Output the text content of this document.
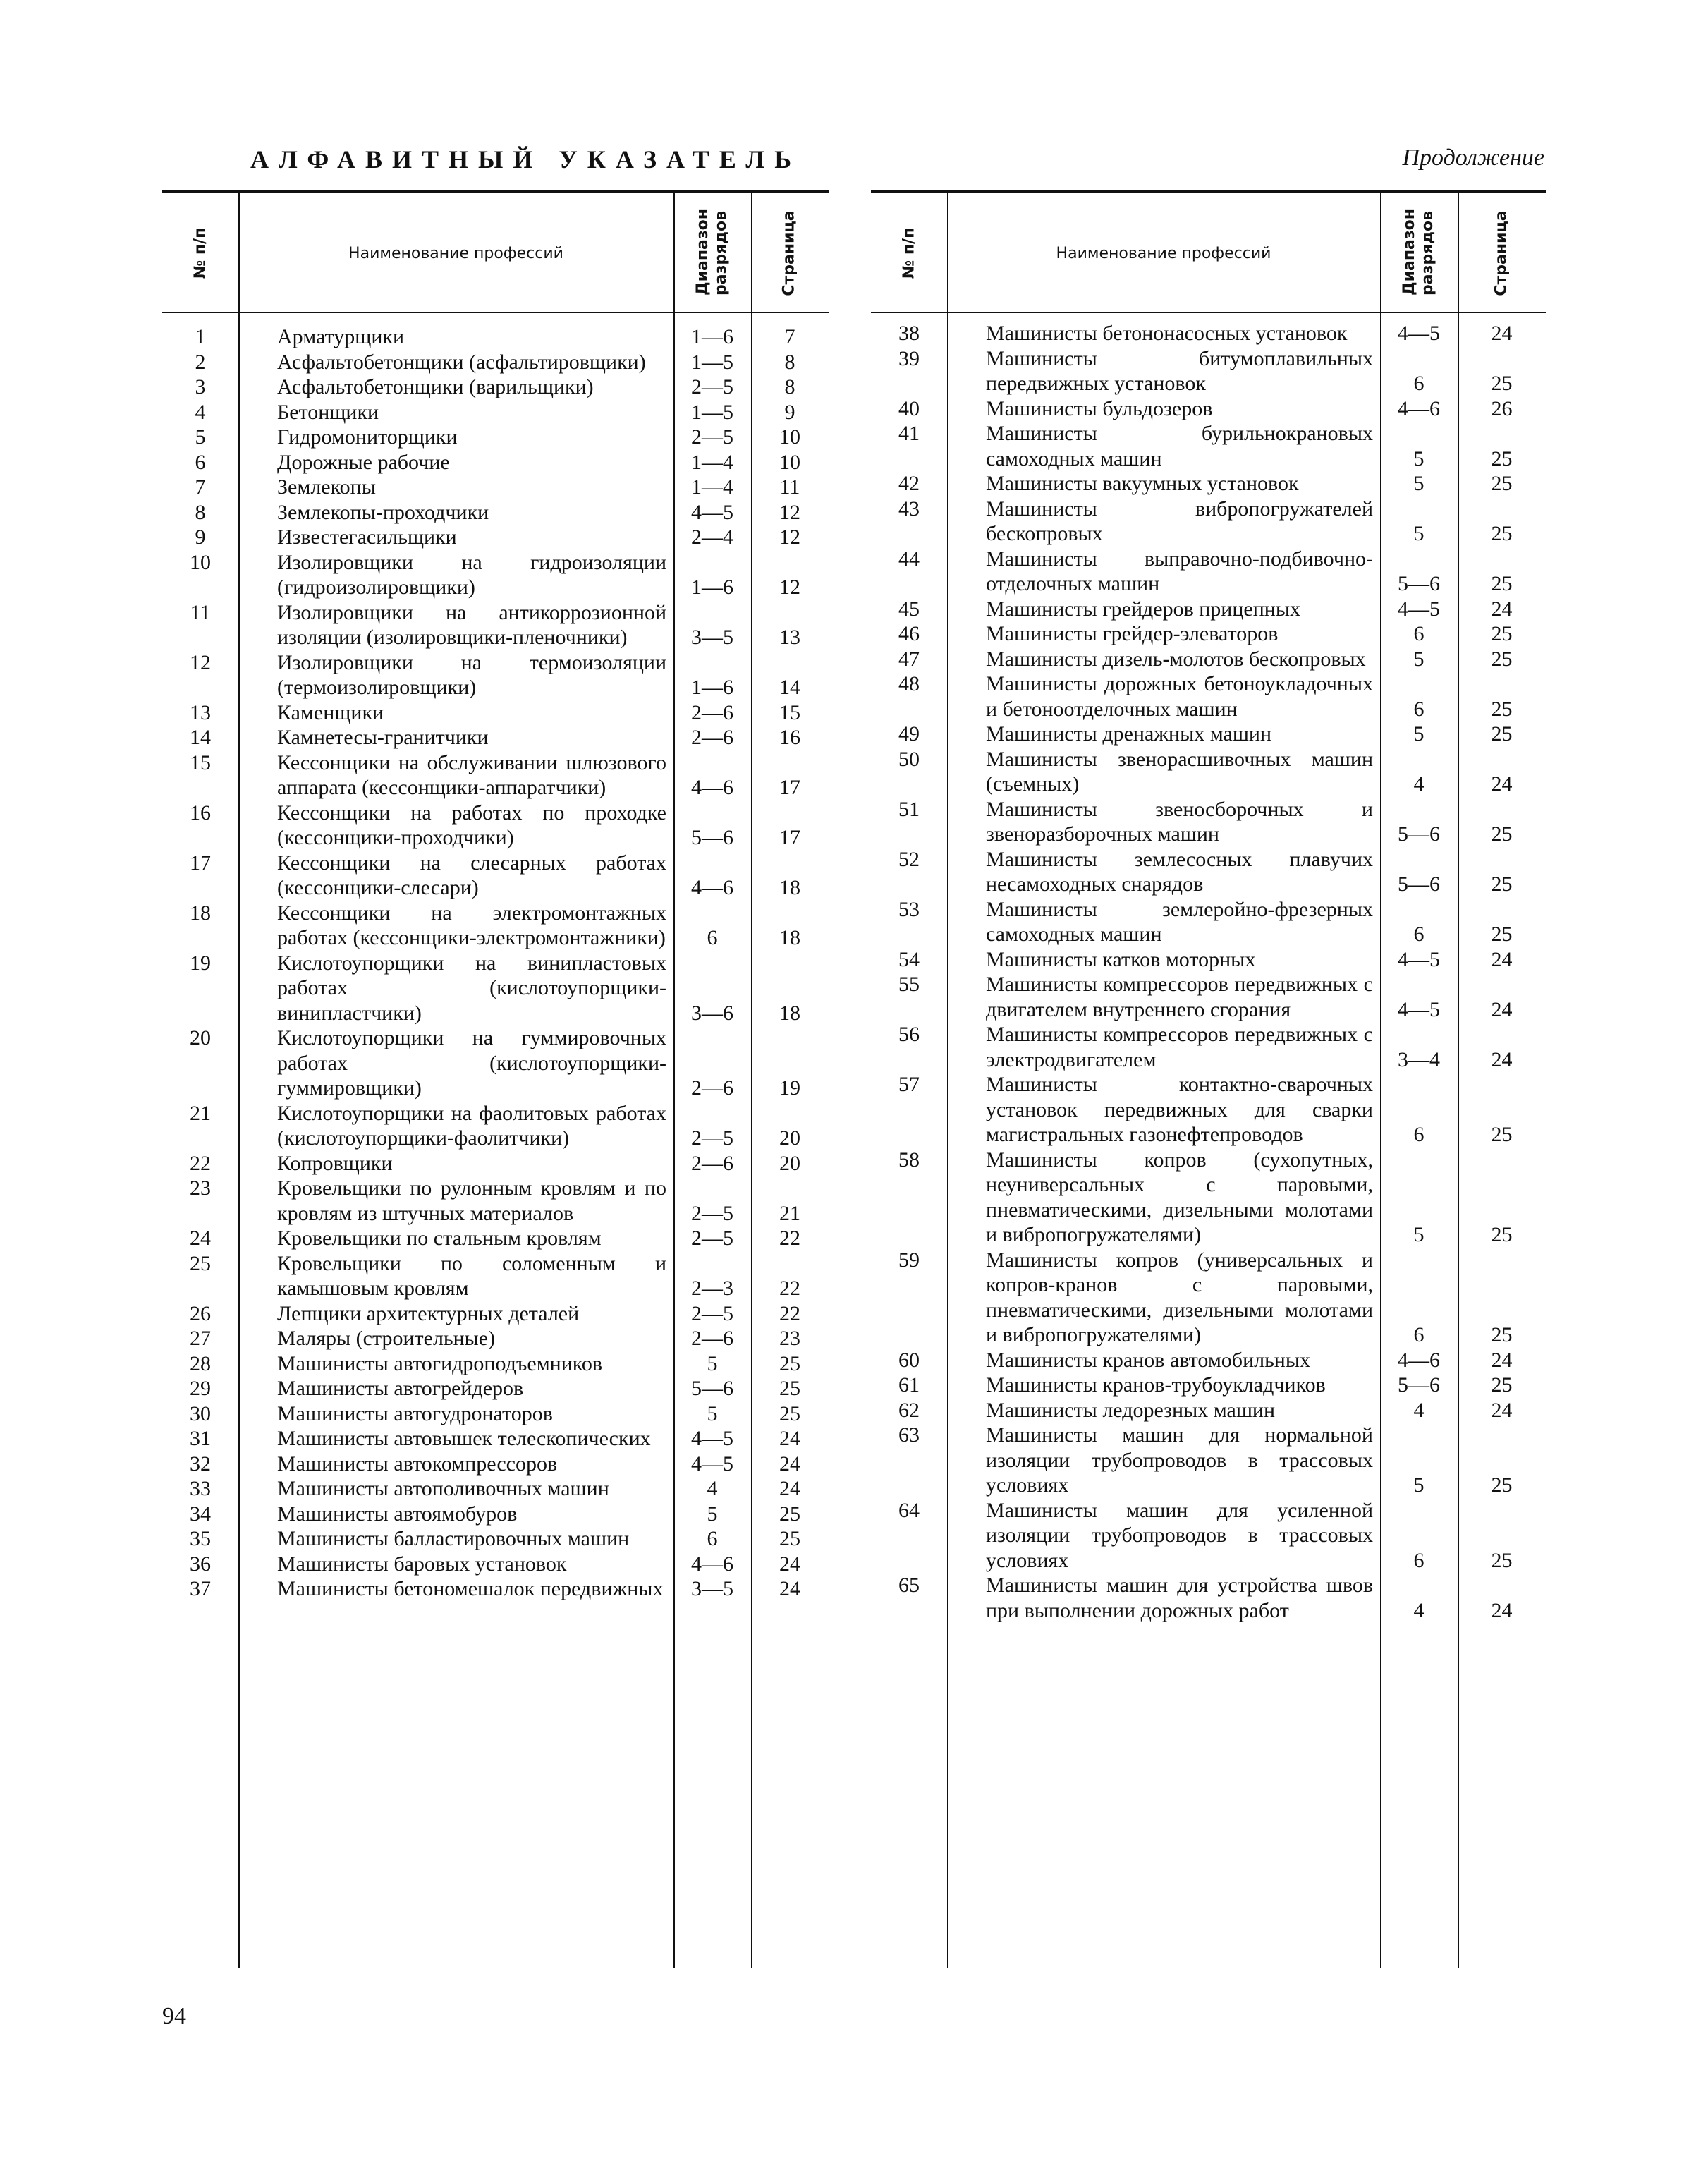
АЛФАВИТНЫЙ УКАЗАТЕЛЬ	Продолжение
№ п/п	Наименование профессий	Диапазон разрядов	Страница
1	Арматурщики	1—6	7
2	Асфальтобетонщики (асфальтировщики)	1—5	8
3	Асфальтобетонщики (варильщики)	2—5	8
4	Бетонщики	1—5	9
5	Гидромониторщики	2—5	10
6	Дорожные рабочие	1—4	10
7	Землекопы	1—4	11
8	Землекопы-проходчики	4—5	12
9	Известегасильщики	2—4	12
10	Изолировщики на гидроизоляции (гидроизолировщики)	1—6	12
11	Изолировщики на антикоррозионной изоляции (изолировщики-пленочники)	3—5	13
12	Изолировщики на термоизоляции (термоизолировщики)	1—6	14
13	Каменщики	2—6	15
14	Камнетесы-гранитчики	2—6	16
15	Кессонщики на обслуживании шлюзового аппарата (кессонщики-аппаратчики)	4—6	17
16	Кессонщики на работах по проходке (кессонщики-проходчики)	5—6	17
17	Кессонщики на слесарных работах (кессонщики-слесари)	4—6	18
18	Кессонщики на электромонтажных работах (кессонщики-электромонтажники)	6	18
19	Кислотоупорщики на винипластовых работах (кислотоупорщики-винипластчики)	3—6	18
20	Кислотоупорщики на гуммировочных работах (кислотоупорщики-гуммировщики)	2—6	19
21	Кислотоупорщики на фаолитовых работах (кислотоупорщики-фаолитчики)	2—5	20
22	Копровщики	2—6	20
23	Кровельщики по рулонным кровлям и по кровлям из штучных материалов	2—5	21
24	Кровельщики по стальным кровлям	2—5	22
25	Кровельщики по соломенным и камышовым кровлям	2—3	22
26	Лепщики архитектурных деталей	2—5	22
27	Маляры (строительные)	2—6	23
28	Машинисты автогидроподъемников	5	25
29	Машинисты автогрейдеров	5—6	25
30	Машинисты автогудронаторов	5	25
31	Машинисты автовышек телескопических	4—5	24
32	Машинисты автокомпрессоров	4—5	24
33	Машинисты автополивочных машин	4	24
34	Машинисты автоямобуров	5	25
35	Машинисты балластировочных машин	6	25
36	Машинисты баровых установок	4—6	24
37	Машинисты бетономешалок передвижных	3—5	24
№ п/п	Наименование профессий	Диапазон разрядов	Страница
38	Машинисты бетононасосных установок	4—5	24
39	Машинисты битумоплавильных передвижных установок	6	25
40	Машинисты бульдозеров	4—6	26
41	Машинисты бурильнокрановых самоходных машин	5	25
42	Машинисты вакуумных установок	5	25
43	Машинисты вибропогружателей бескопровых	5	25
44	Машинисты выправочно-подбивочно-отделочных машин	5—6	25
45	Машинисты грейдеров прицепных	4—5	24
46	Машинисты грейдер-элеваторов	6	25
47	Машинисты дизель-молотов бескопровых	5	25
48	Машинисты дорожных бетоноукладочных и бетоноотделочных машин	6	25
49	Машинисты дренажных машин	5	25
50	Машинисты звенорасшивочных машин (съемных)	4	24
51	Машинисты звеносборочных и звеноразборочных машин	5—6	25
52	Машинисты землесосных плавучих несамоходных снарядов	5—6	25
53	Машинисты землеройно-фрезерных самоходных машин	6	25
54	Машинисты катков моторных	4—5	24
55	Машинисты компрессоров передвижных с двигателем внутреннего сгорания	4—5	24
56	Машинисты компрессоров передвижных с электродвигателем	3—4	24
57	Машинисты контактно-сварочных установок передвижных для сварки магистральных газонефтепроводов	6	25
58	Машинисты копров (сухопутных, неуниверсальных с паровыми, пневматическими, дизельными молотами и вибропогружателями)	5	25
59	Машинисты копров (универсальных и копров-кранов с паровыми, пневматическими, дизельными молотами и вибропогружателями)	6	25
60	Машинисты кранов автомобильных	4—6	24
61	Машинисты кранов-трубоукладчиков	5—6	25
62	Машинисты ледорезных машин	4	24
63	Машинисты машин для нормальной изоляции трубопроводов в трассовых условиях	5	25
64	Машинисты машин для усиленной изоляции трубопроводов в трассовых условиях	6	25
65	Машинисты машин для устройства швов при выполнении дорожных работ	4	24
94
